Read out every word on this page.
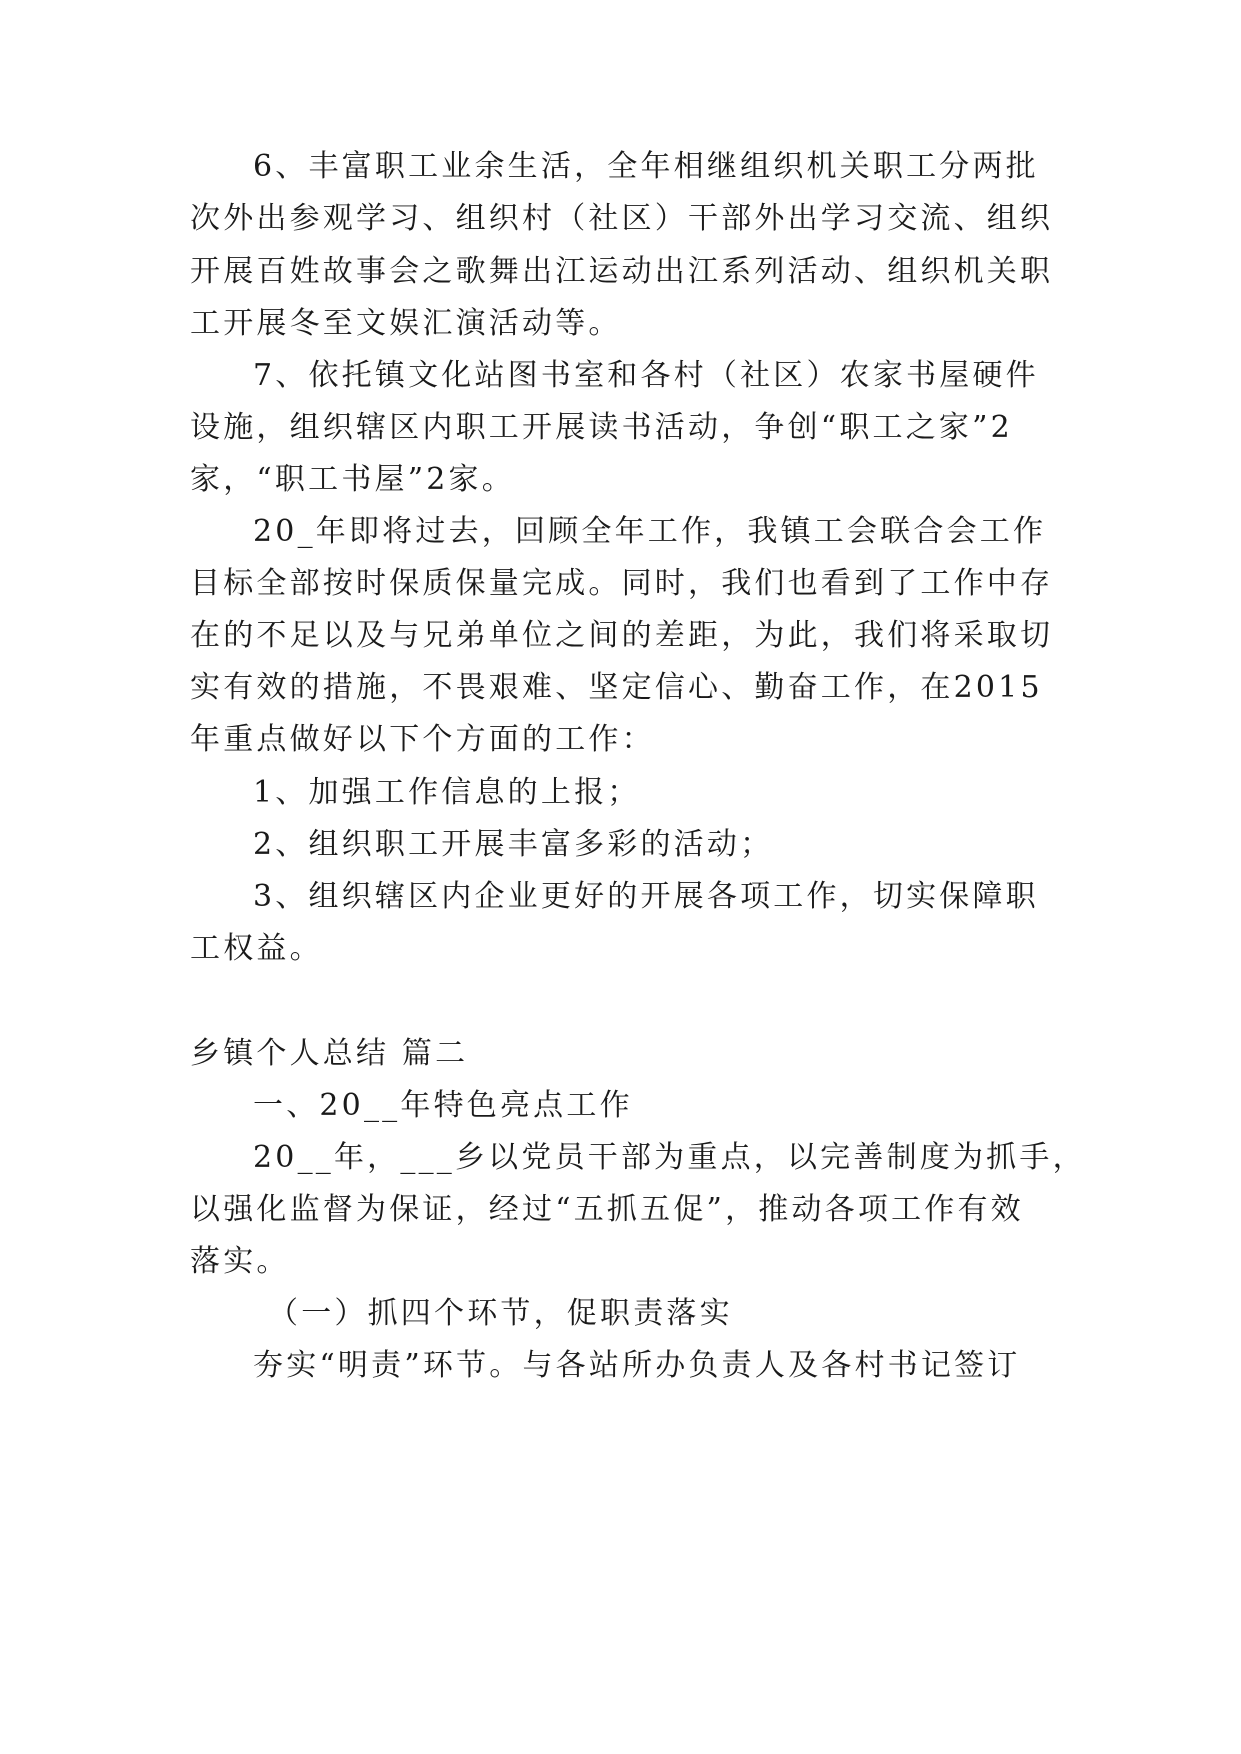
6、丰富职工业余生活，全年相继组织机关职工分两批
次外出参观学习、组织村（社区）干部外出学习交流、组织
开展百姓故事会之歌舞出江运动出江系列活动、组织机关职
工开展冬至文娱汇演活动等。
7、依托镇文化站图书室和各村（社区）农家书屋硬件
设施，组织辖区内职工开展读书活动，争创“职工之家”2
家，“职工书屋”2家。
20_年即将过去，回顾全年工作，我镇工会联合会工作
目标全部按时保质保量完成。同时，我们也看到了工作中存
在的不足以及与兄弟单位之间的差距，为此，我们将采取切
实有效的措施，不畏艰难、坚定信心、勤奋工作，在2015
年重点做好以下个方面的工作：
1、加强工作信息的上报；
2、组织职工开展丰富多彩的活动；
3、组织辖区内企业更好的开展各项工作，切实保障职
工权益。
乡镇个人总结 篇二
一、20__年特色亮点工作
20__年，___乡以党员干部为重点，以完善制度为抓手，
以强化监督为保证，经过“五抓五促”，推动各项工作有效
落实。
（一）抓四个环节，促职责落实
夯实“明责”环节。与各站所办负责人及各村书记签订
